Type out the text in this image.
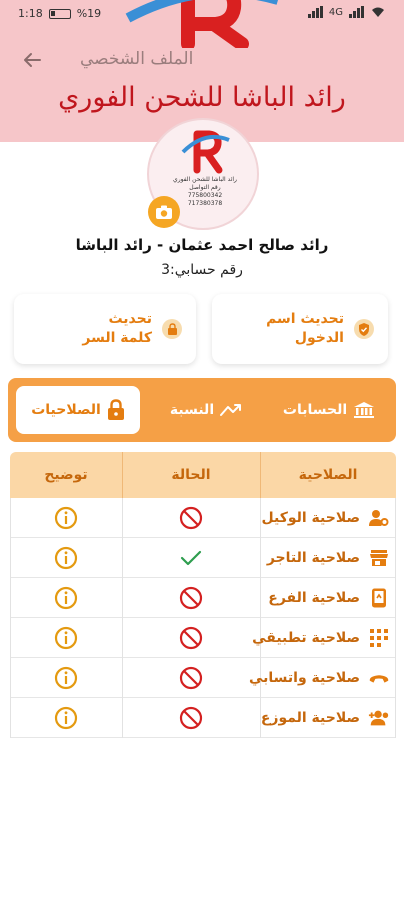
1:18	%19	4G
الملف الشخصي
رائد الباشا للشحن الفوري
رائد الباشا للشحن الفوري
رقم التواصل
775800342
717380378
رائد صالح احمد عثمان - رائد الباشا
رقم حسابي:3
تحديث اسم الدخول
تحديث كلمة السر
الحسابات
النسبة
الصلاحيات
الصلاحية
الحالة
توضيح
صلاحية الوكيل
صلاحية التاجر
صلاحية الفرع
صلاحية تطبيقي
صلاحية واتسابي
صلاحية الموزع
